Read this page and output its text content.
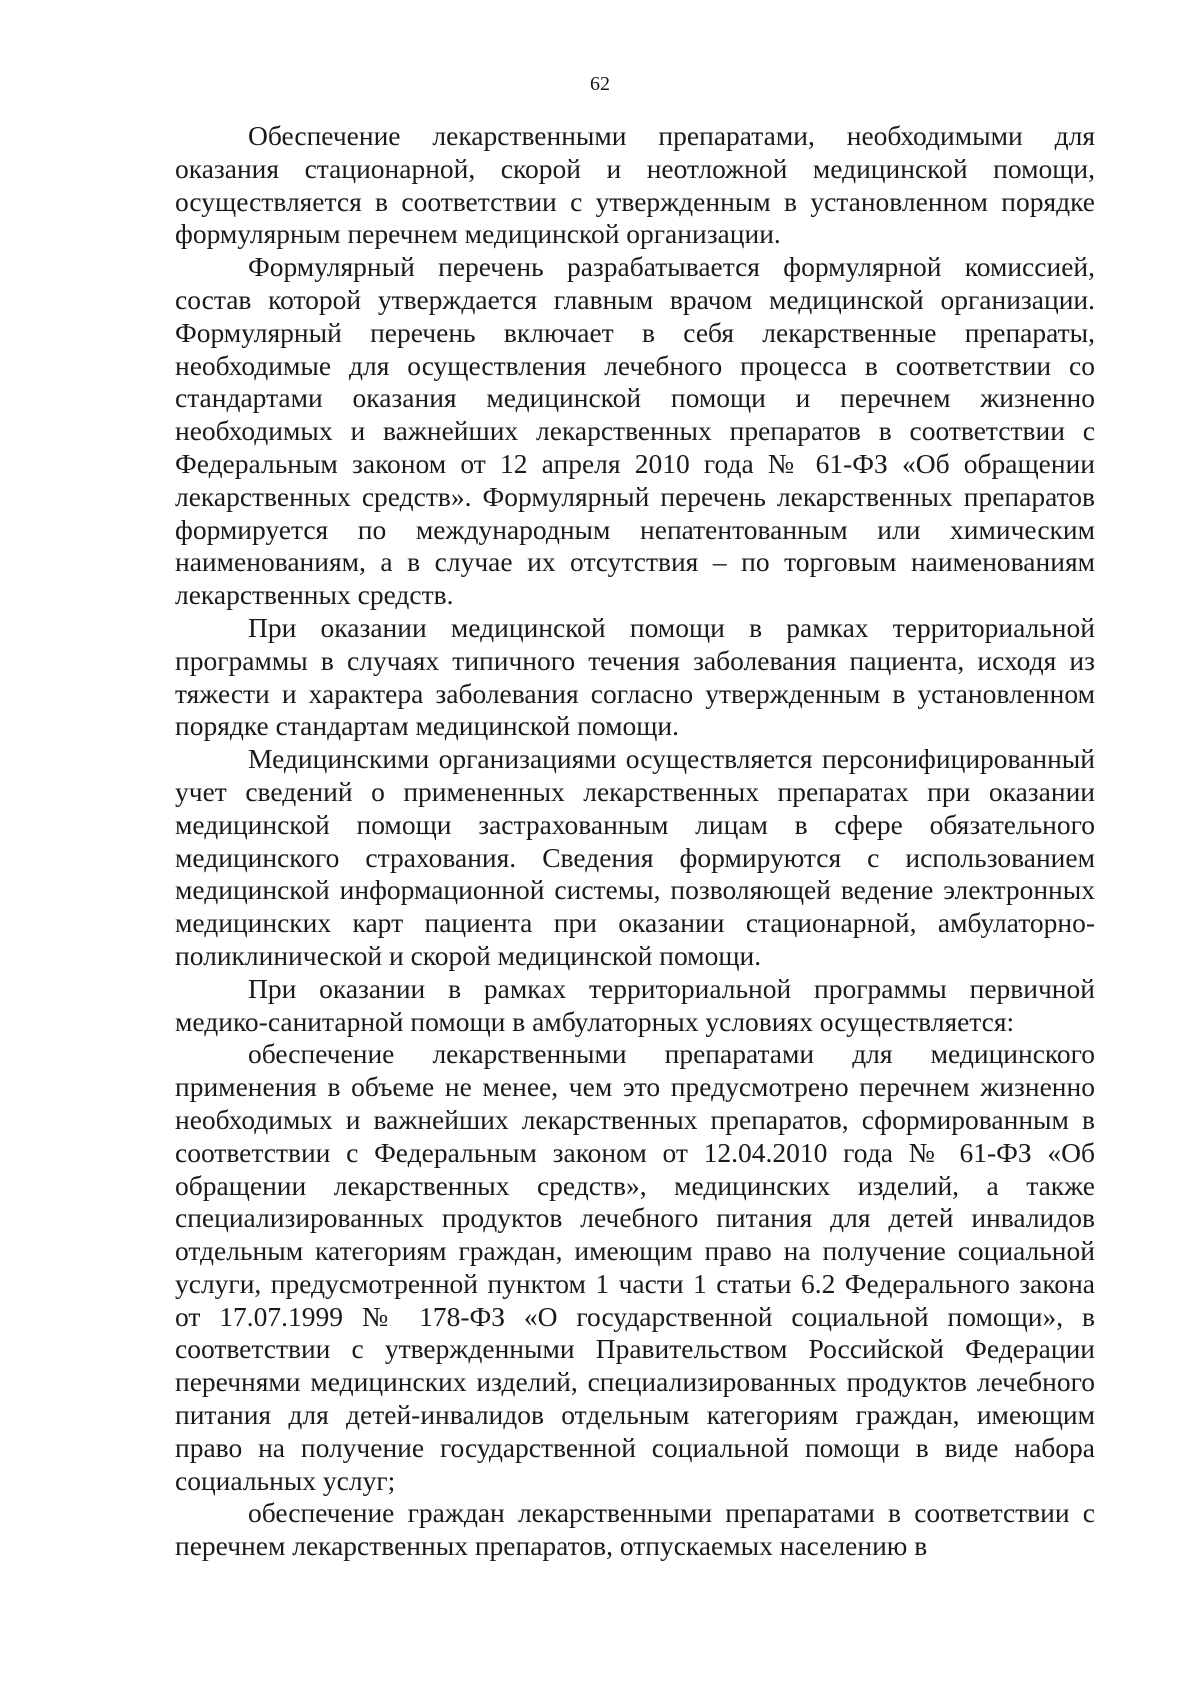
62

Обеспечение лекарственными препаратами, необходимыми для оказания стационарной, скорой и неотложной медицинской помощи, осуществляется в соответствии с утвержденным в установленном порядке формулярным перечнем медицинской организации.

Формулярный перечень разрабатывается формулярной комиссией, состав которой утверждается главным врачом медицинской организации. Формулярный перечень включает в себя лекарственные препараты, необходимые для осуществления лечебного процесса в соответствии со стандартами оказания медицинской помощи и перечнем жизненно необходимых и важнейших лекарственных препаратов в соответствии с Федеральным законом от 12 апреля 2010 года № 61-ФЗ «Об обращении лекарственных средств». Формулярный перечень лекарственных препаратов формируется по международным непатентованным или химическим наименованиям, а в случае их отсутствия – по торговым наименованиям лекарственных средств.

При оказании медицинской помощи в рамках территориальной программы в случаях типичного течения заболевания пациента, исходя из тяжести и характера заболевания согласно утвержденным в установленном порядке стандартам медицинской помощи.

Медицинскими организациями осуществляется персонифицированный учет сведений о примененных лекарственных препаратах при оказании медицинской помощи застрахованным лицам в сфере обязательного медицинского страхования. Сведения формируются с использованием медицинской информационной системы, позволяющей ведение электронных медицинских карт пациента при оказании стационарной, амбулаторно-поликлинической и скорой медицинской помощи.

При оказании в рамках территориальной программы первичной медико-санитарной помощи в амбулаторных условиях осуществляется:

обеспечение лекарственными препаратами для медицинского применения в объеме не менее, чем это предусмотрено перечнем жизненно необходимых и важнейших лекарственных препаратов, сформированным в соответствии с Федеральным законом от 12.04.2010 года № 61-ФЗ «Об обращении лекарственных средств», медицинских изделий, а также специализированных продуктов лечебного питания для детей инвалидов отдельным категориям граждан, имеющим право на получение социальной услуги, предусмотренной пунктом 1 части 1 статьи 6.2 Федерального закона от 17.07.1999 № 178-ФЗ «О государственной социальной помощи», в соответствии с утвержденными Правительством Российской Федерации перечнями медицинских изделий, специализированных продуктов лечебного питания для детей-инвалидов отдельным категориям граждан, имеющим право на получение государственной социальной помощи в виде набора социальных услуг;

обеспечение граждан лекарственными препаратами в соответствии с перечнем лекарственных препаратов, отпускаемых населению в
